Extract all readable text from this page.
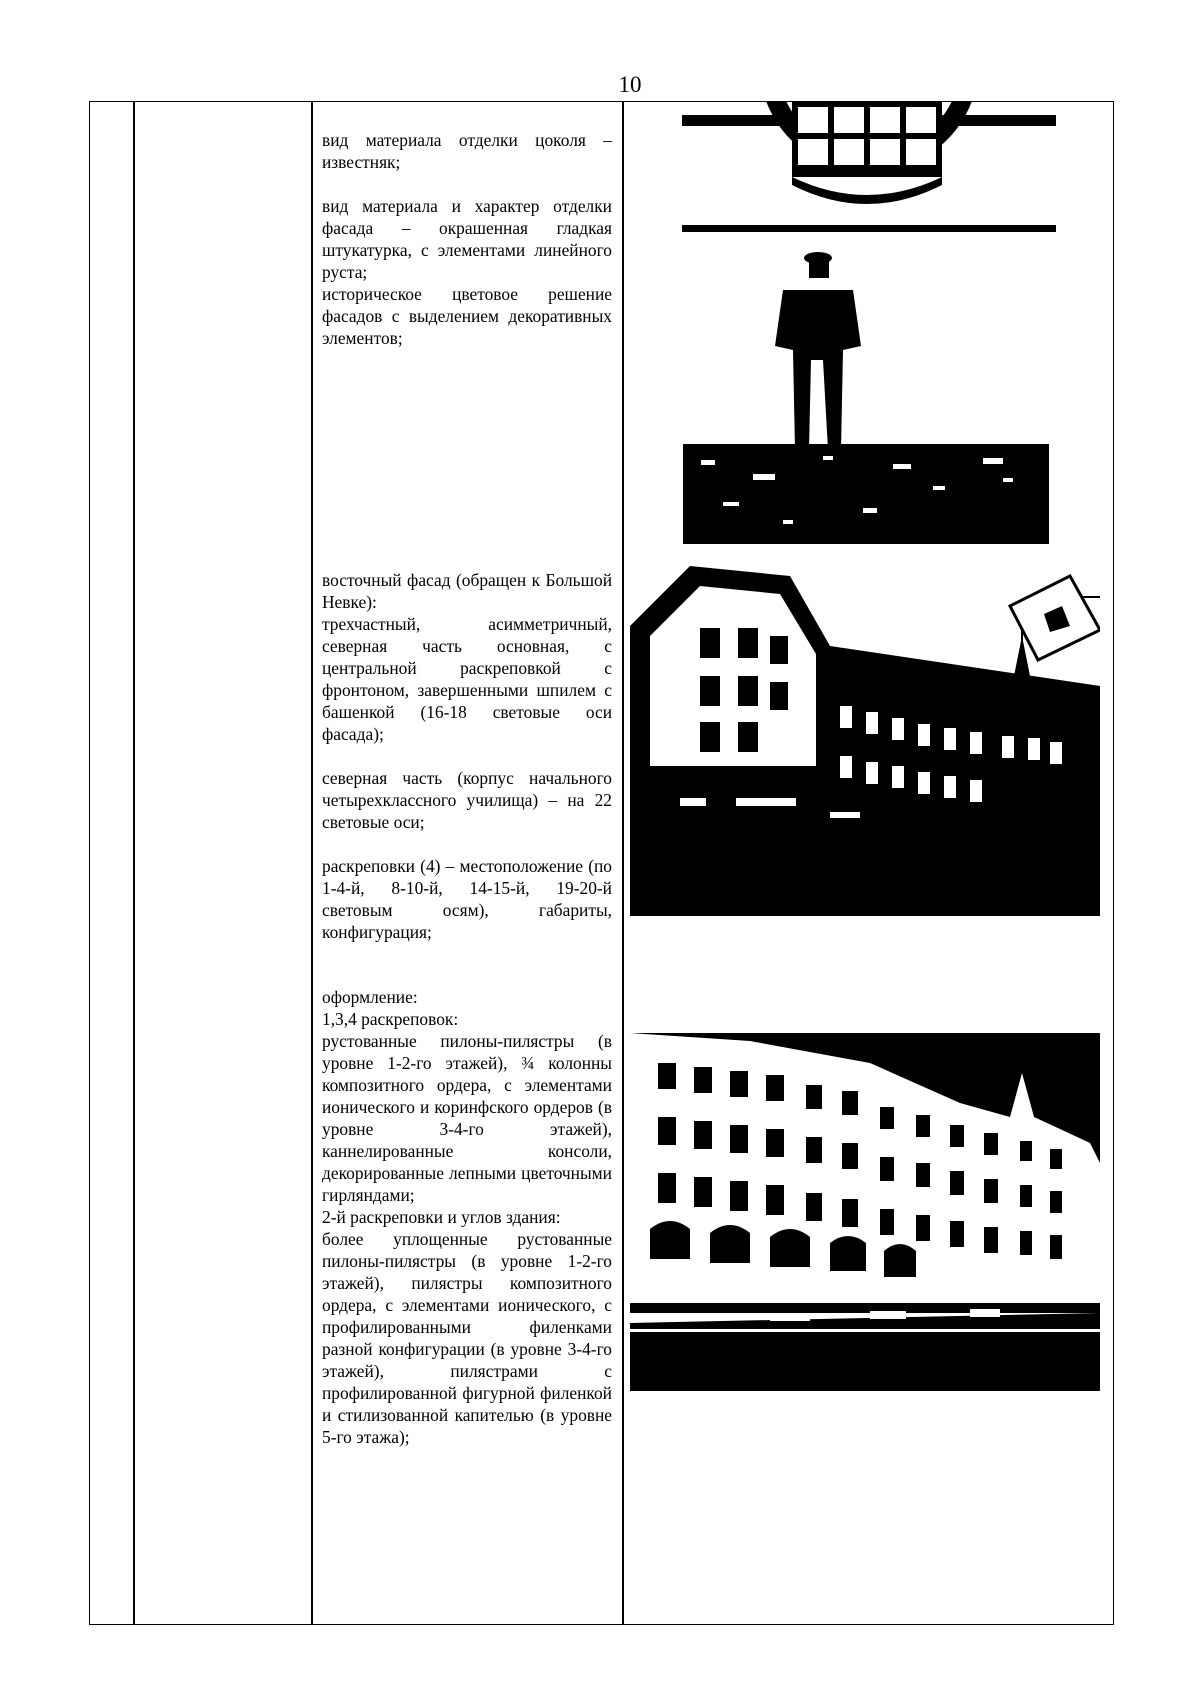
10

вид материала отделки цоколя – известняк;

вид материала и характер отделки фасада – окрашенная гладкая штукатурка, с элементами линейного руста;

историческое цветовое решение фасадов с выделением декоративных элементов;

восточный фасад (обращен к Большой Невке):

трехчастный, асимметричный, северная часть основная, с центральной раскреповкой с фронтоном, завершенными шпилем с башенкой (16-18 световые оси фасада);

северная часть (корпус начального четырехклассного училища) – на 22 световые оси;

раскреповки (4) – местоположение (по 1-4-й, 8-10-й, 14-15-й, 19-20-й световым осям), габариты, конфигурация;

оформление:

1,3,4 раскреповок:

рустованные пилоны-пилястры (в уровне 1-2-го этажей), ¾ колонны композитного ордера, с элементами ионического и коринфского ордеров (в уровне 3-4-го этажей), каннелированные консоли, декорированные лепными цветочными гирляндами;

2-й раскреповки и углов здания:

более уплощенные рустованные пилоны-пилястры (в уровне 1-2-го этажей), пилястры композитного ордера, с элементами ионического, с профилированными филенками разной конфигурации (в уровне 3-4-го этажей), пилястрами с профилированной фигурной филенкой и стилизованной капителью (в уровне 5-го этажа);
